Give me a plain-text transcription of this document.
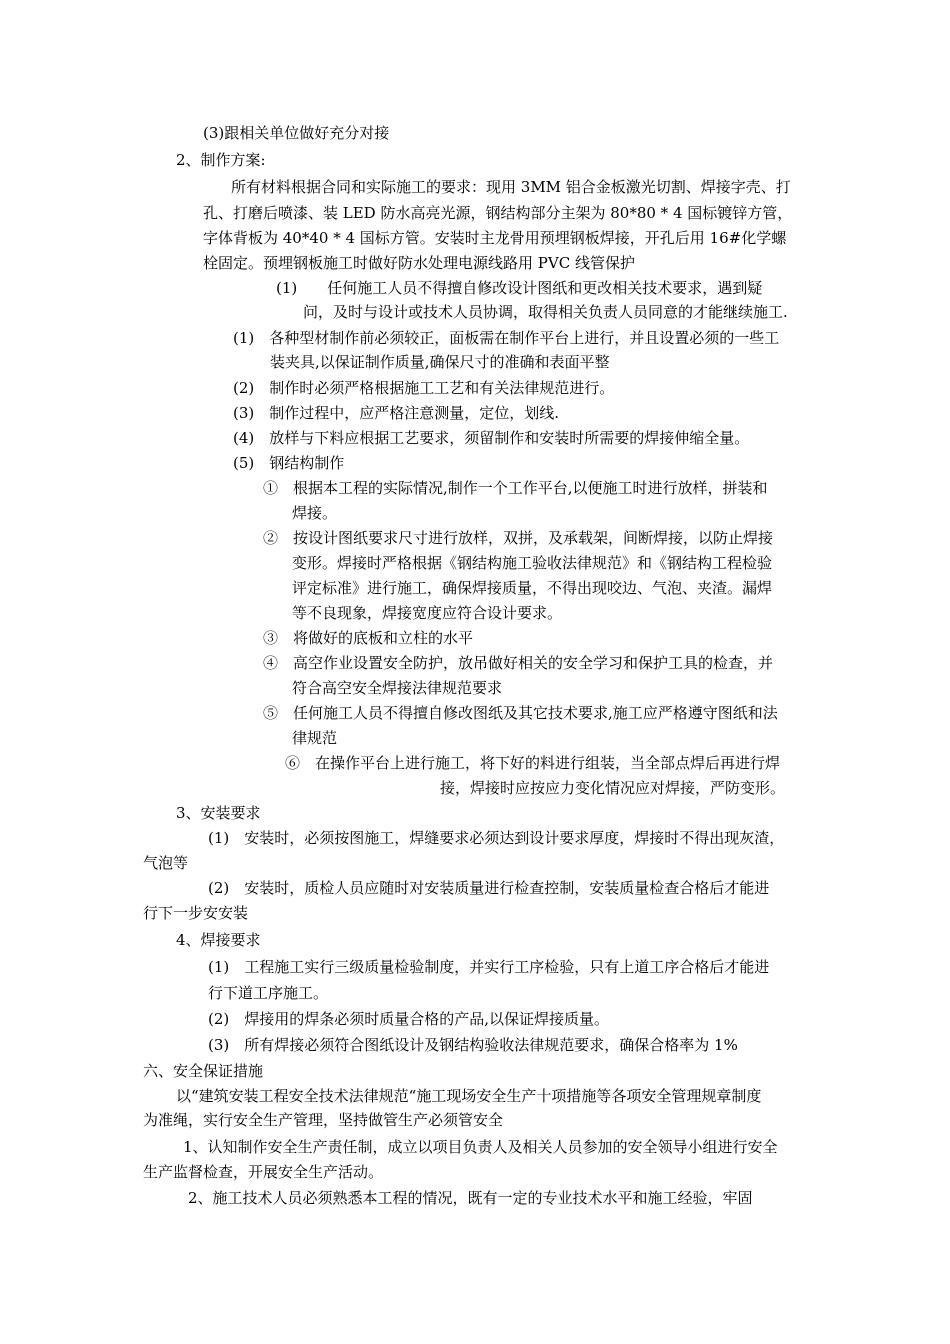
(3)跟相关单位做好充分对接
2、制作方案:
所有材料根据合同和实际施工的要求：现用 3MM 铝合金板激光切割、焊接字壳、打
孔、打磨后喷漆、装 LED 防水高亮光源，钢结构部分主架为 80*80 * 4 国标镀锌方管，
字体背板为 40*40 * 4 国标方管。安装时主龙骨用预埋钢板焊接，开孔后用 16#化学螺
栓固定。预埋钢板施工时做好防水处理电源线路用 PVC 线管保护
(1)　　任何施工人员不得擅自修改设计图纸和更改相关技术要求，遇到疑
问，及时与设计或技术人员协调，取得相关负责人员同意的才能继续施工.
(1)　各种型材制作前必须较正，面板需在制作平台上进行，并且设置必须的一些工
装夹具,以保证制作质量,确保尺寸的准确和表面平整
(2)　制作时必须严格根据施工工艺和有关法律规范进行。
(3)　制作过程中，应严格注意测量，定位，划线.
(4)　放样与下料应根据工艺要求，须留制作和安装时所需要的焊接伸缩全量。
(5)　钢结构制作
①　根据本工程的实际情况,制作一个工作平台,以便施工时进行放样，拼装和
焊接。
②　按设计图纸要求尺寸进行放样，双拼，及承载架，间断焊接，以防止焊接
变形。焊接时严格根据《钢结构施工验收法律规范》和《钢结构工程检验
评定标准》进行施工，确保焊接质量，不得出现咬边、气泡、夹渣。漏焊
等不良现象，焊接宽度应符合设计要求。
③　将做好的底板和立柱的水平
④　高空作业设置安全防护，放吊做好相关的安全学习和保护工具的检查，并
符合高空安全焊接法律规范要求
⑤　任何施工人员不得擅自修改图纸及其它技术要求,施工应严格遵守图纸和法
律规范
⑥　在操作平台上进行施工，将下好的料进行组装，当全部点焊后再进行焊
接，焊接时应按应力变化情况应对焊接，严防变形。
3、安装要求
(1)　安装时，必须按图施工，焊缝要求必须达到设计要求厚度，焊接时不得出现灰渣，
气泡等
(2)　安装时，质检人员应随时对安装质量进行检查控制，安装质量检查合格后才能进
行下一步安安装
4、焊接要求
(1)　工程施工实行三级质量检验制度，并实行工序检验，只有上道工序合格后才能进
行下道工序施工。
(2)　焊接用的焊条必须时质量合格的产品,以保证焊接质量。
(3)　所有焊接必须符合图纸设计及钢结构验收法律规范要求，确保合格率为 1%
六、安全保证措施
以“建筑安装工程安全技术法律规范“施工现场安全生产十项措施等各项安全管理规章制度
为准绳，实行安全生产管理，坚持做管生产必须管安全
1、认知制作安全生产责任制，成立以项目负责人及相关人员参加的安全领导小组进行安全
生产监督检查，开展安全生产活动。
2、施工技术人员必须熟悉本工程的情况，既有一定的专业技术水平和施工经验，牢固
